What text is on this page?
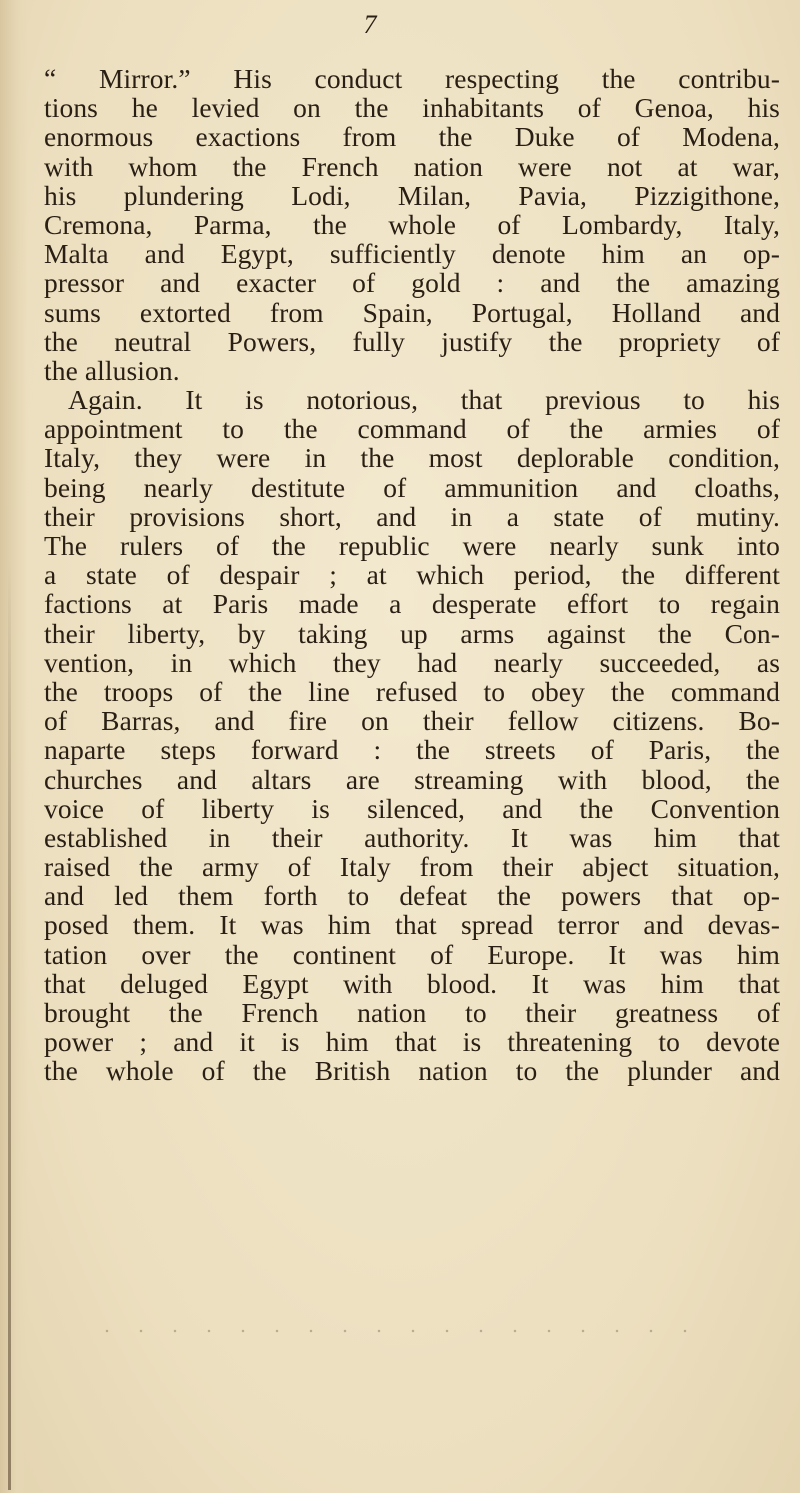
7
“ Mirror.” His conduct respecting the contribu-
tions he levied on the inhabitants of Genoa, his
enormous exactions from the Duke of Modena,
with whom the French nation were not at war,
his plundering Lodi, Milan, Pavia, Pizzigithone,
Cremona, Parma, the whole of Lombardy, Italy,
Malta and Egypt, sufficiently denote him an op-
pressor and exacter of gold : and the amazing
sums extorted from Spain, Portugal, Holland and
the neutral Powers, fully justify the propriety of
the allusion.
Again. It is notorious, that previous to his
appointment to the command of the armies of
Italy, they were in the most deplorable condition,
being nearly destitute of ammunition and cloaths,
their provisions short, and in a state of mutiny.
The rulers of the republic were nearly sunk into
a state of despair ; at which period, the different
factions at Paris made a desperate effort to regain
their liberty, by taking up arms against the Con-
vention, in which they had nearly succeeded, as
the troops of the line refused to obey the command
of Barras, and fire on their fellow citizens. Bo-
naparte steps forward : the streets of Paris, the
churches and altars are streaming with blood, the
voice of liberty is silenced, and the Convention
established in their authority. It was him that
raised the army of Italy from their abject situation,
and led them forth to defeat the powers that op-
posed them. It was him that spread terror and devas-
tation over the continent of Europe. It was him
that deluged Egypt with blood. It was him that
brought the French nation to their greatness of
power ; and it is him that is threatening to devote
the whole of the British nation to the plunder and
